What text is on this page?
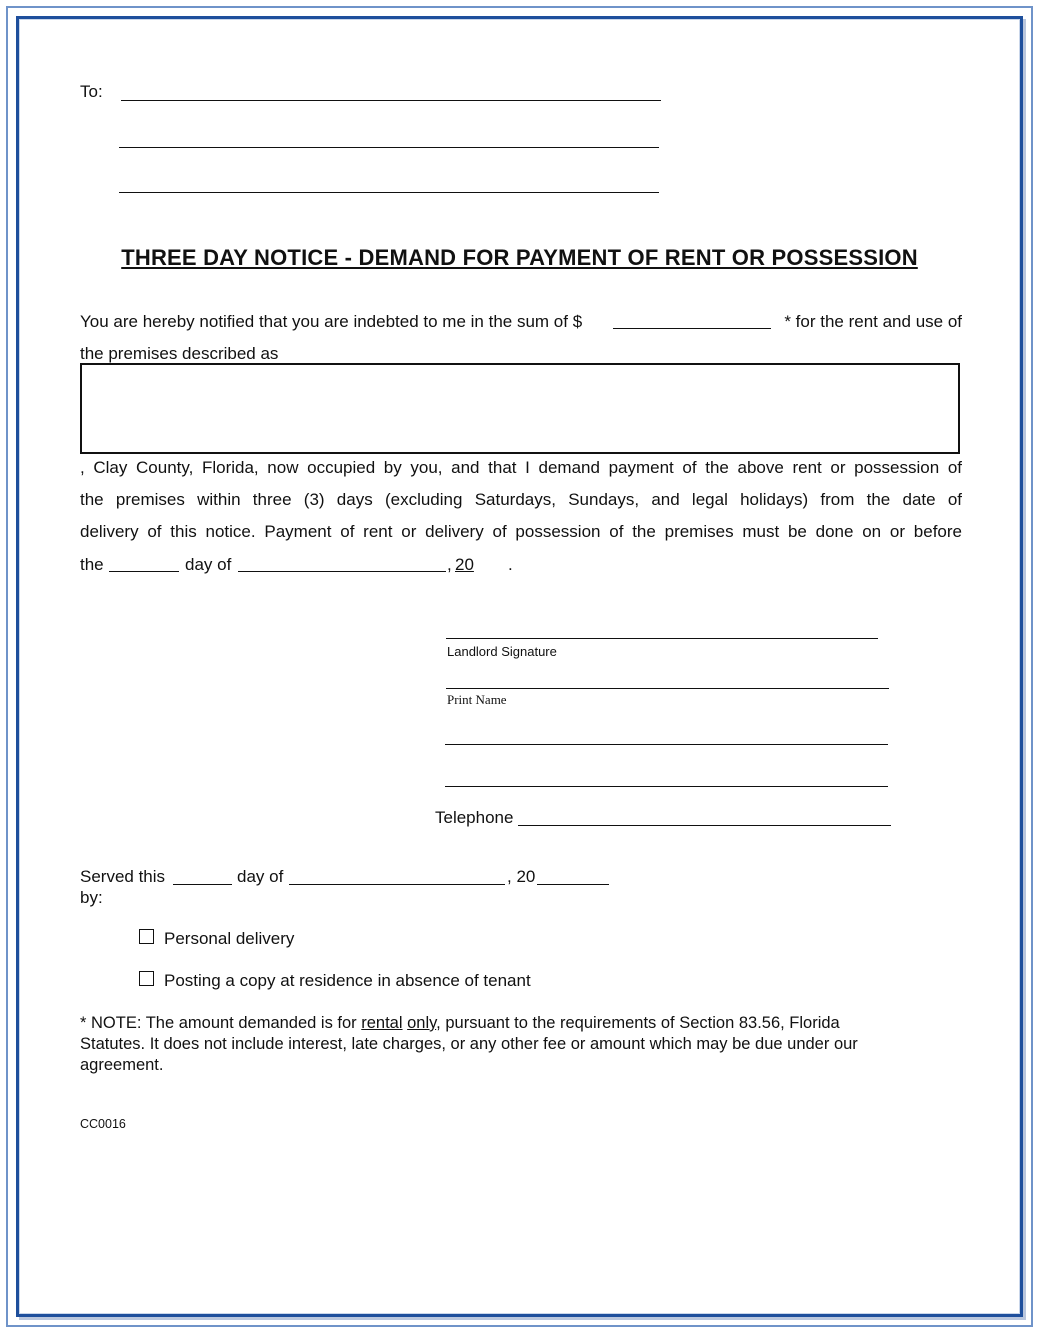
To:
THREE DAY NOTICE - DEMAND FOR PAYMENT OF RENT OR POSSESSION
You are hereby notified that you are indebted to me in the sum of $	* for the rent and use of
the premises described as
, Clay County, Florida, now occupied by you, and that I demand payment of the above rent or possession of
the premises within three (3) days (excluding Saturdays, Sundays, and legal holidays) from the date of
delivery of this notice. Payment of rent or delivery of possession of the premises must be done on or before
the	day of	, 20 .
Landlord Signature
Print Name
Telephone
Served this	day of	, 20
by:
Personal delivery
Posting a copy at residence in absence of tenant
* NOTE: The amount demanded is for rental only, pursuant to the requirements of Section 83.56, Florida
Statutes. It does not include interest, late charges, or any other fee or amount which may be due under our
agreement.
CC0016
